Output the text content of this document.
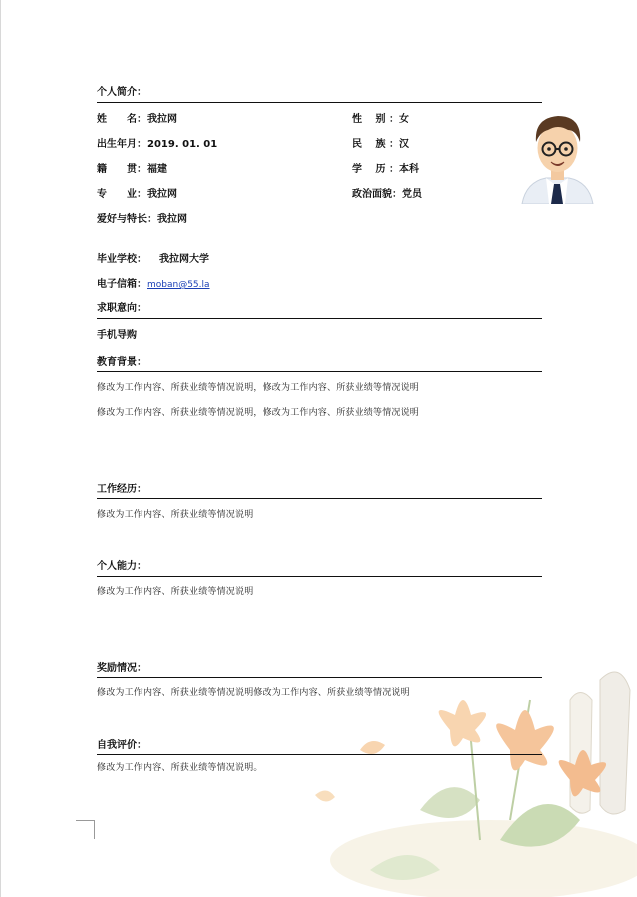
个人简介：
姓　　名：我拉网	性　 别 ：女
出生年月：2019. 01. 01	民　 族 ：汉
籍　　贯：福建	学　 历 ：本科
专　　业：我拉网	政治面貌：党员
爱好与特长：我拉网
毕业学校： 我拉网大学
电子信箱：moban@55.la
求职意向：
手机导购
教育背景：
修改为工作内容、所获业绩等情况说明，修改为工作内容、所获业绩等情况说明
修改为工作内容、所获业绩等情况说明，修改为工作内容、所获业绩等情况说明
工作经历：
修改为工作内容、所获业绩等情况说明
个人能力：
修改为工作内容、所获业绩等情况说明
奖励情况：
修改为工作内容、所获业绩等情况说明修改为工作内容、所获业绩等情况说明
自我评价：
修改为工作内容、所获业绩等情况说明。
